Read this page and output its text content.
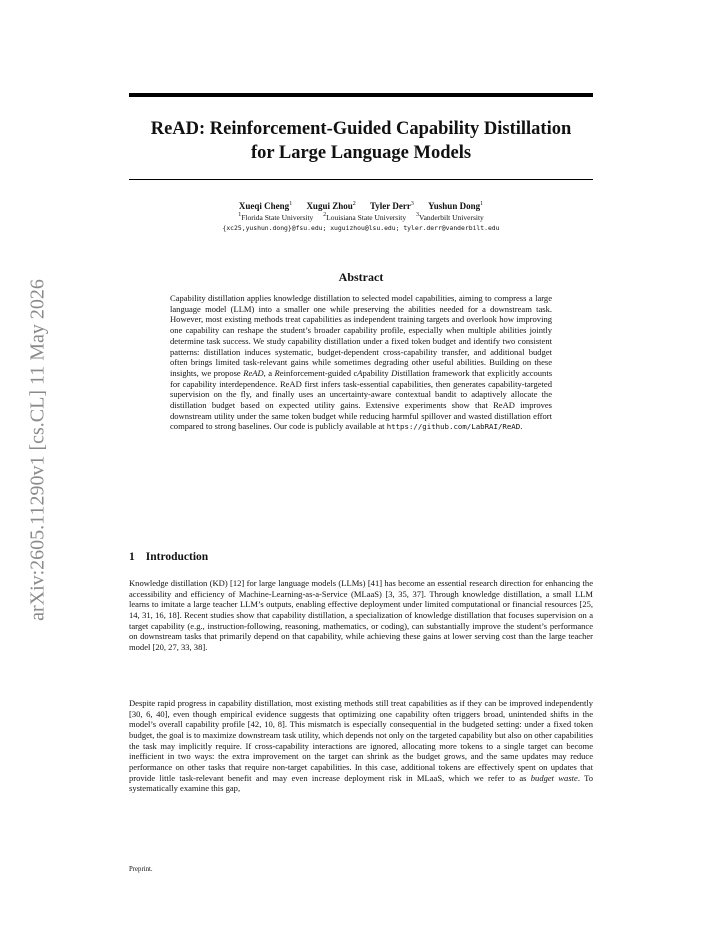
arXiv:2605.11290v1 [cs.CL] 11 May 2026
ReAD: Reinforcement-Guided Capability Distillation
for Large Language Models
Xueqi Cheng$^1$ Xugui Zhou$^2$ Tyler Derr$^3$ Yushun Dong$^1$
$^1$Florida State University $^2$Louisiana State University $^3$Vanderbilt University
{xc25,yushun.dong}@fsu.edu; xuguizhou@lsu.edu; tyler.derr@vanderbilt.edu
Abstract
Capability distillation applies knowledge distillation to selected model capabilities, aiming to compress a large language model (LLM) into a smaller one while preserving the abilities needed for a downstream task. However, most existing methods treat capabilities as independent training targets and overlook how improving one capability can reshape the student’s broader capability profile, especially when multiple abilities jointly determine task success. We study capability distillation under a fixed token budget and identify two consistent patterns: distillation induces systematic, budget-dependent cross-capability transfer, and additional budget often brings limited task-relevant gains while sometimes degrading other useful abilities. Building on these insights, we propose ReAD, a Reinforcement-guided cApability Distillation framework that explicitly accounts for capability interdependence. ReAD first infers task-essential capabilities, then generates capability-targeted supervision on the fly, and finally uses an uncertainty-aware contextual bandit to adaptively allocate the distillation budget based on expected utility gains. Extensive experiments show that ReAD improves downstream utility under the same token budget while reducing harmful spillover and wasted distillation effort compared to strong baselines. Our code is publicly available at https://github.com/LabRAI/ReAD.
1 Introduction
Knowledge distillation (KD) [12] for large language models (LLMs) [41] has become an essential research direction for enhancing the accessibility and efficiency of Machine-Learning-as-a-Service (MLaaS) [3, 35, 37]. Through knowledge distillation, a small LLM learns to imitate a large teacher LLM’s outputs, enabling effective deployment under limited computational or financial resources [25, 14, 31, 16, 18]. Recent studies show that capability distillation, a specialization of knowledge distillation that focuses supervision on a target capability (e.g., instruction-following, reasoning, mathematics, or coding), can substantially improve the student’s performance on downstream tasks that primarily depend on that capability, while achieving these gains at lower serving cost than the large teacher model [20, 27, 33, 38].
Despite rapid progress in capability distillation, most existing methods still treat capabilities as if they can be improved independently [30, 6, 40], even though empirical evidence suggests that optimizing one capability often triggers broad, unintended shifts in the model’s overall capability profile [42, 10, 8]. This mismatch is especially consequential in the budgeted setting: under a fixed token budget, the goal is to maximize downstream task utility, which depends not only on the targeted capability but also on other capabilities the task may implicitly require. If cross-capability interactions are ignored, allocating more tokens to a single target can become inefficient in two ways: the extra improvement on the target can shrink as the budget grows, and the same updates may reduce performance on other tasks that require non-target capabilities. In this case, additional tokens are effectively spent on updates that provide little task-relevant benefit and may even increase deployment risk in MLaaS, which we refer to as budget waste. To systematically examine this gap,
Preprint.
